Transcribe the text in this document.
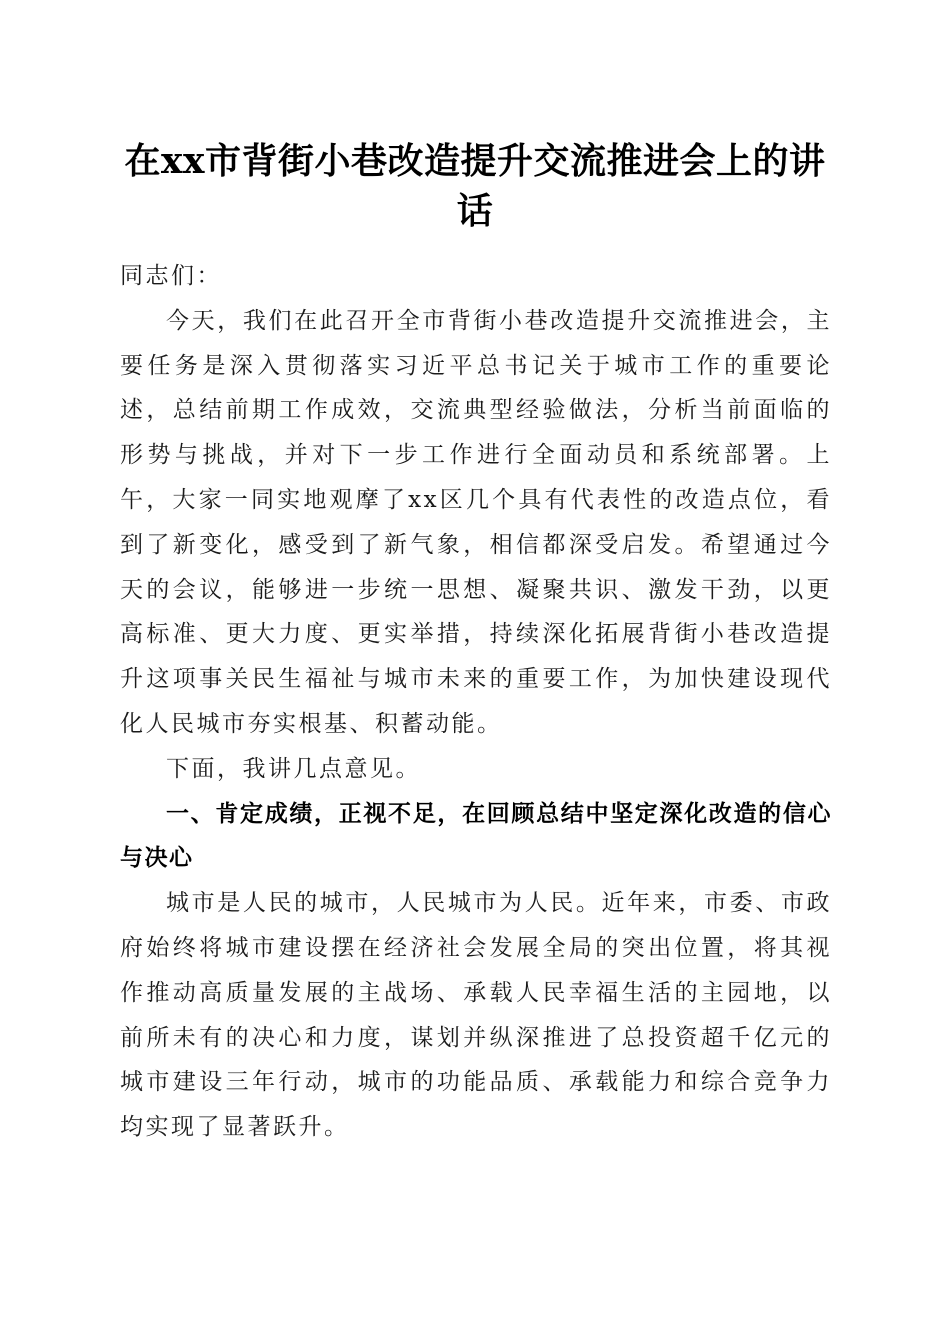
在xx市背街小巷改造提升交流推进会上的讲话

同志们：

今天，我们在此召开全市背街小巷改造提升交流推进会，主要任务是深入贯彻落实习近平总书记关于城市工作的重要论述，总结前期工作成效，交流典型经验做法，分析当前面临的形势与挑战，并对下一步工作进行全面动员和系统部署。上午，大家一同实地观摩了xx区几个具有代表性的改造点位，看到了新变化，感受到了新气象，相信都深受启发。希望通过今天的会议，能够进一步统一思想、凝聚共识、激发干劲，以更高标准、更大力度、更实举措，持续深化拓展背街小巷改造提升这项事关民生福祉与城市未来的重要工作，为加快建设现代化人民城市夯实根基、积蓄动能。

下面，我讲几点意见。

一、肯定成绩，正视不足，在回顾总结中坚定深化改造的信心与决心

城市是人民的城市，人民城市为人民。近年来，市委、市政府始终将城市建设摆在经济社会发展全局的突出位置，将其视作推动高质量发展的主战场、承载人民幸福生活的主园地，以前所未有的决心和力度，谋划并纵深推进了总投资超千亿元的城市建设三年行动，城市的功能品质、承载能力和综合竞争力均实现了显著跃升。
